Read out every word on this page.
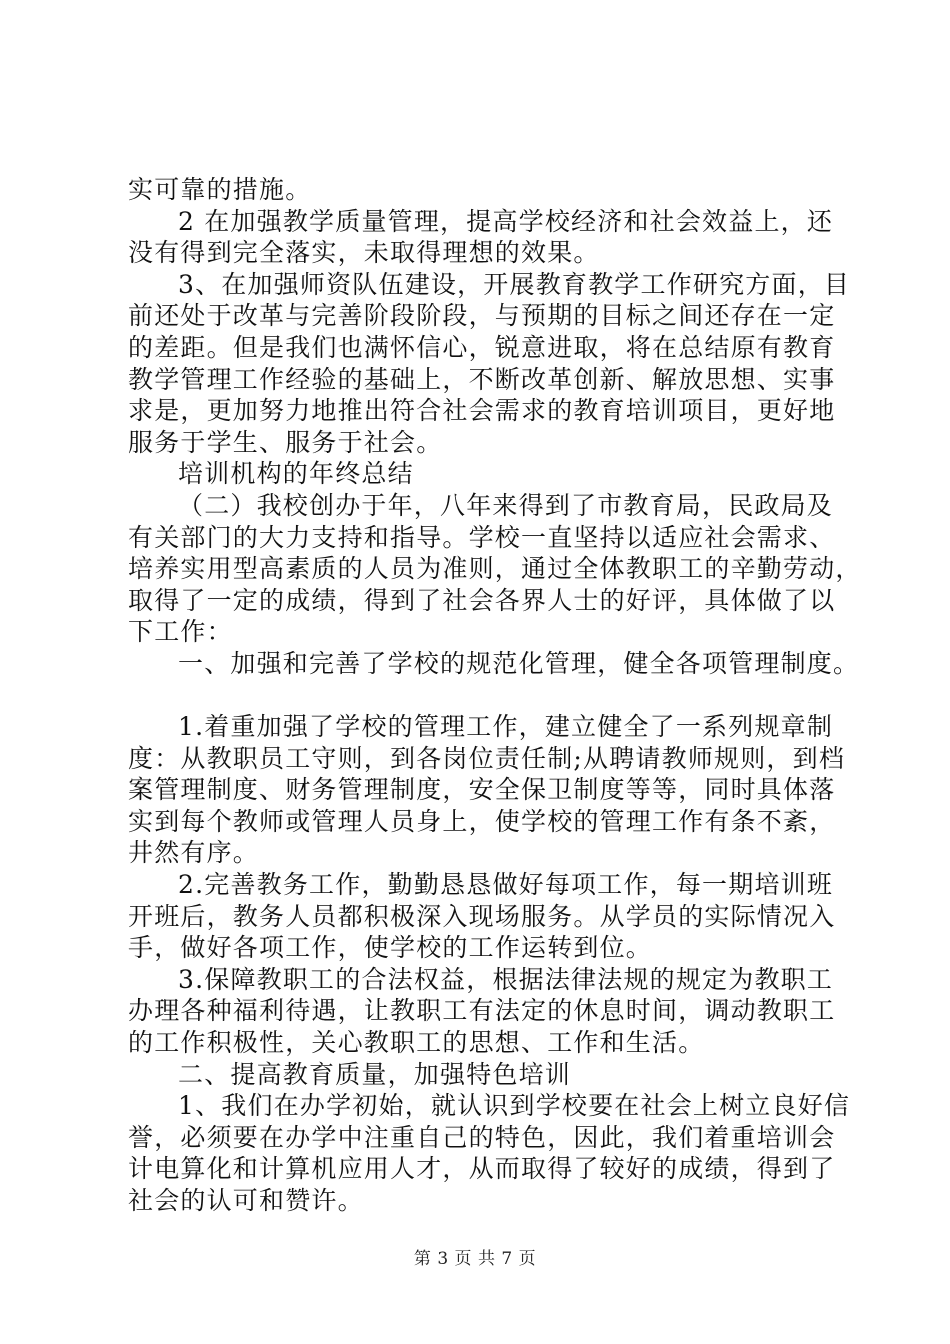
实可靠的措施。
2 在加强教学质量管理，提高学校经济和社会效益上，还
没有得到完全落实，未取得理想的效果。
3、在加强师资队伍建设，开展教育教学工作研究方面，目
前还处于改革与完善阶段阶段，与预期的目标之间还存在一定
的差距。但是我们也满怀信心，锐意进取，将在总结原有教育
教学管理工作经验的基础上，不断改革创新、解放思想、实事
求是，更加努力地推出符合社会需求的教育培训项目，更好地
服务于学生、服务于社会。
培训机构的年终总结
（二）我校创办于年，八年来得到了市教育局，民政局及
有关部门的大力支持和指导。学校一直坚持以适应社会需求、
培养实用型高素质的人员为准则，通过全体教职工的辛勤劳动，
取得了一定的成绩，得到了社会各界人士的好评，具体做了以
下工作：
一、加强和完善了学校的规范化管理，健全各项管理制度。
1.着重加强了学校的管理工作，建立健全了一系列规章制
度：从教职员工守则，到各岗位责任制;从聘请教师规则，到档
案管理制度、财务管理制度，安全保卫制度等等，同时具体落
实到每个教师或管理人员身上，使学校的管理工作有条不紊，
井然有序。
2.完善教务工作，勤勤恳恳做好每项工作，每一期培训班
开班后，教务人员都积极深入现场服务。从学员的实际情况入
手，做好各项工作，使学校的工作运转到位。
3.保障教职工的合法权益，根据法律法规的规定为教职工
办理各种福利待遇，让教职工有法定的休息时间，调动教职工
的工作积极性，关心教职工的思想、工作和生活。
二、提高教育质量，加强特色培训
1、我们在办学初始，就认识到学校要在社会上树立良好信
誉，必须要在办学中注重自己的特色，因此，我们着重培训会
计电算化和计算机应用人才，从而取得了较好的成绩，得到了
社会的认可和赞许。
第 3 页 共 7 页
